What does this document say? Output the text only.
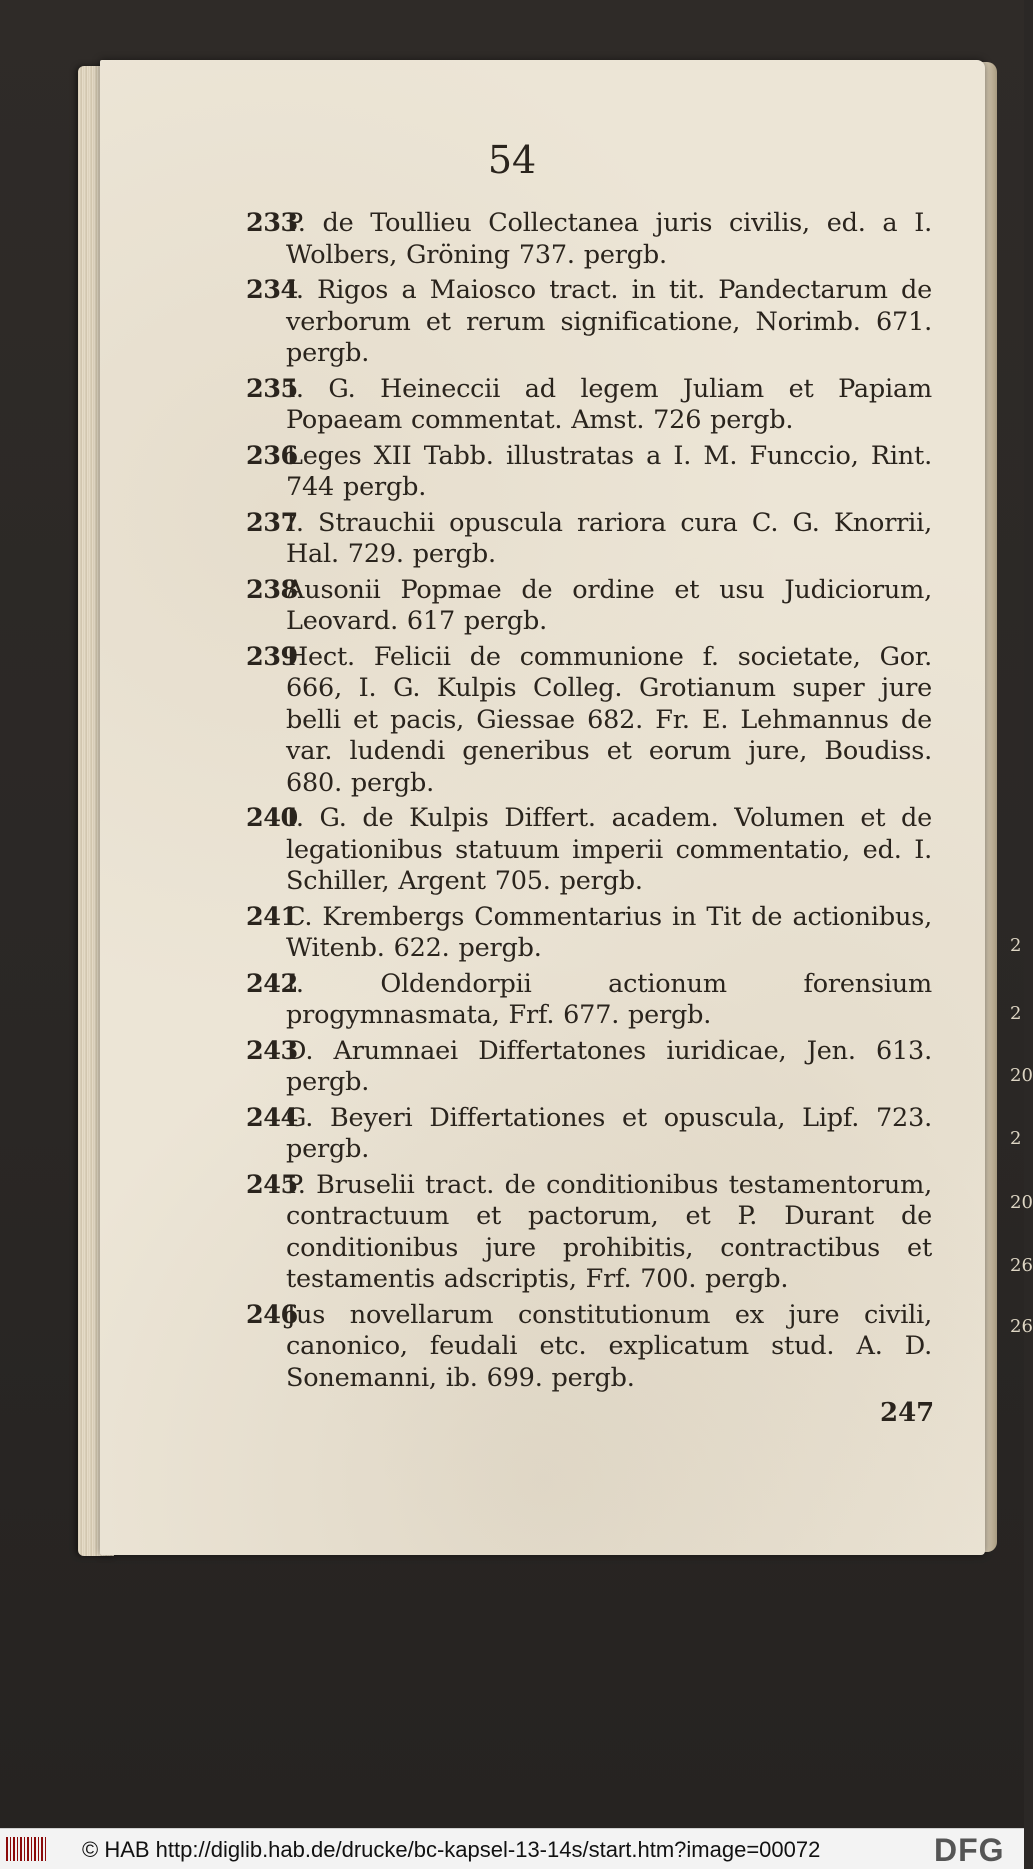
54
233P. de Toullieu Collectanea juris civilis, ed. a I. Wolbers, Gröning 737. pergb.
234I. Rigos a Maiosco tract. in tit. Pandectarum de verborum et rerum significatione, Norimb. 671. pergb.
235I. G. Heineccii ad legem Juliam et Papiam Popaeam commentat. Amst. 726 pergb.
236Leges XII Tabb. illustratas a I. M. Funccio, Rint. 744 pergb.
237I. Strauchii opuscula rariora cura C. G. Knorrii, Hal. 729. pergb.
238Ausonii Popmae de ordine et usu Judiciorum, Leovard. 617 pergb.
239Hect. Felicii de communione f. societate, Gor. 666, I. G. Kulpis Colleg. Grotianum super jure belli et pacis, Giessae 682. Fr. E. Lehmannus de var. ludendi generibus et eorum jure, Boudiss. 680. pergb.
240I. G. de Kulpis Differt. academ. Volumen et de legationibus statuum imperii commentatio, ed. I. Schiller, Argent 705. pergb.
241C. Krembergs Commentarius in Tit de actionibus, Witenb. 622. pergb.
242I. Oldendorpii actionum forensium progymnasmata, Frf. 677. pergb.
243D. Arumnaei Differtatones iuridicae, Jen. 613. pergb.
244G. Beyeri Differtationes et opuscula, Lipf. 723. pergb.
245P. Bruselii tract. de conditionibus testamentorum, contractuum et pactorum, et P. Durant de conditionibus jure prohibitis, contractibus et testamentis adscriptis, Frf. 700. pergb.
246Jus novellarum constitutionum ex jure civili, canonico, feudali etc. explicatum stud. A. D. Sonemanni, ib. 699. pergb.
247
2
2
20
2
20
26
26
© HAB http://diglib.hab.de/drucke/bc-kapsel-13-14s/start.htm?image=00072	DFG
